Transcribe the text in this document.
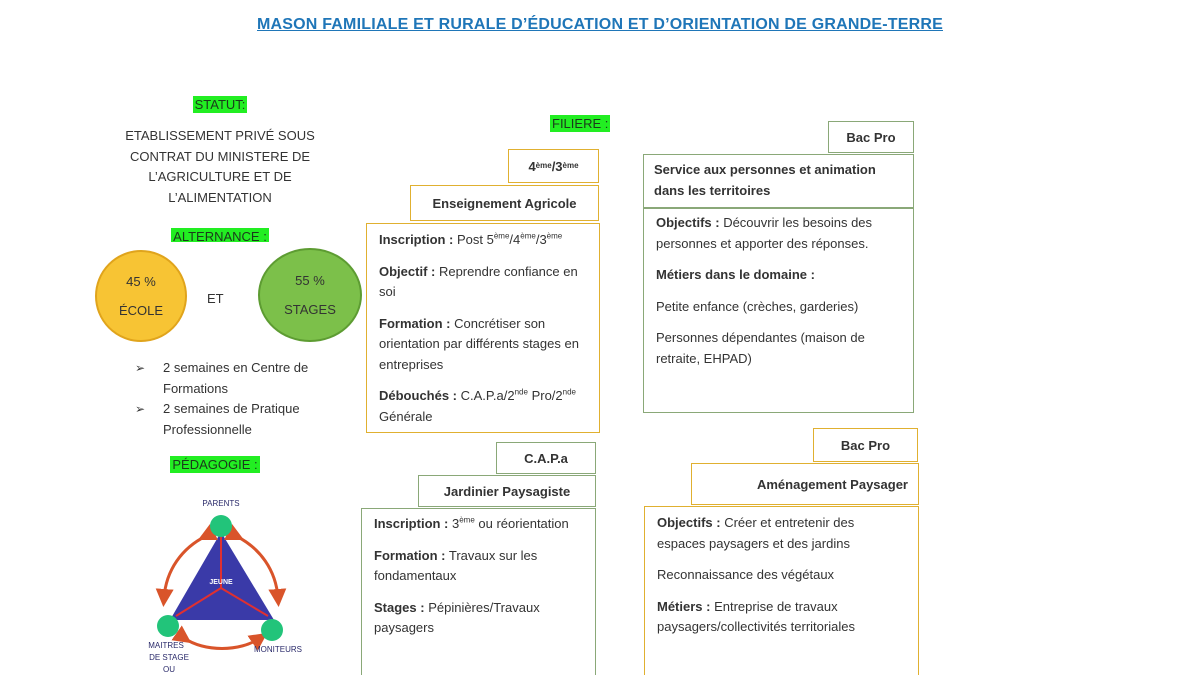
MASON FAMILIALE ET RURALE D’ÉDUCATION ET D’ORIENTATION DE GRANDE-TERRE
STATUT:
ETABLISSEMENT PRIVÉ SOUS
CONTRAT DU MINISTERE DE
L’AGRICULTURE ET DE
L’ALIMENTATION
ALTERNANCE :
45 %
ÉCOLE
ET
55 %
STAGES
➢ 2 semaines en Centre de
Formations
➢ 2 semaines de Pratique
Professionnelle
PÉDAGOGIE :
PARENTS
JEUNE
MONITEURS
MAITRES
DE STAGE
OU
FILIERE :
4 ème /3 ème
Enseignement Agricole

Inscription : Post 5ème/4ème/3ème

Objectif : Reprendre confiance en soi

Formation : Concrétiser son orientation par différents stages en entreprises

Débouchés : C.A.P.a/2nde Pro/2nde Générale

C.A.P.a
Jardinier Paysagiste

Inscription : 3ème ou réorientation

Formation : Travaux sur les fondamentaux

Stages : Pépinières/Travaux paysagers

Bac Pro
Service aux personnes et animation
dans les territoires

Objectifs : Découvrir les besoins des personnes et apporter des réponses.

Métiers dans le domaine :

Petite enfance (crèches, garderies)

Personnes dépendantes (maison de retraite, EHPAD)

Bac Pro
Aménagement Paysager

Objectifs : Créer et entretenir des espaces paysagers et des jardins

Reconnaissance des végétaux

Métiers : Entreprise de travaux paysagers/collectivités territoriales
